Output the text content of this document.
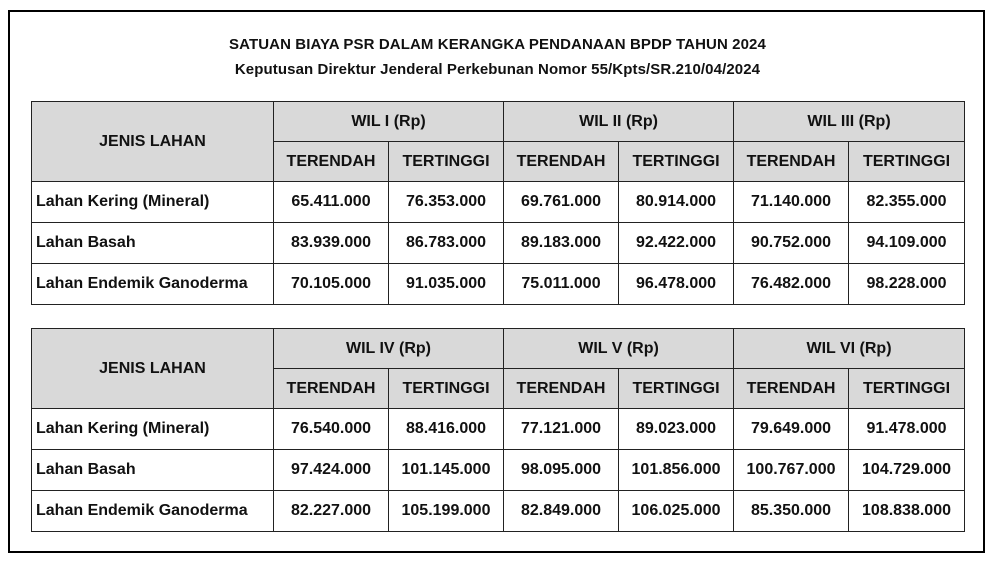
SATUAN BIAYA PSR DALAM KERANGKA PENDANAAN BPDP TAHUN 2024
Keputusan Direktur Jenderal Perkebunan Nomor 55/Kpts/SR.210/04/2024
JENIS LAHAN	WIL I (Rp)		WIL II (Rp)		WIL III (Rp)	
	TERENDAH	TERTINGGI	TERENDAH	TERTINGGI	TERENDAH	TERTINGGI
Lahan Kering (Mineral)	65.411.000	76.353.000	69.761.000	80.914.000	71.140.000	82.355.000
Lahan Basah	83.939.000	86.783.000	89.183.000	92.422.000	90.752.000	94.109.000
Lahan Endemik Ganoderma	70.105.000	91.035.000	75.011.000	96.478.000	76.482.000	98.228.000
JENIS LAHAN	WIL IV (Rp)		WIL V (Rp)		WIL VI (Rp)	
	TERENDAH	TERTINGGI	TERENDAH	TERTINGGI	TERENDAH	TERTINGGI
Lahan Kering (Mineral)	76.540.000	88.416.000	77.121.000	89.023.000	79.649.000	91.478.000
Lahan Basah	97.424.000	101.145.000	98.095.000	101.856.000	100.767.000	104.729.000
Lahan Endemik Ganoderma	82.227.000	105.199.000	82.849.000	106.025.000	85.350.000	108.838.000
